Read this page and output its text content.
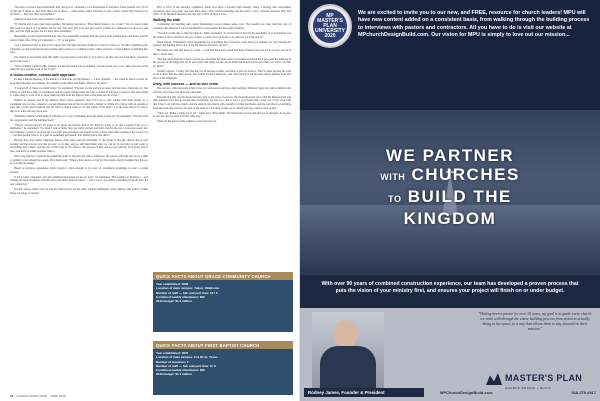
"We have to protect their bandwidth; they did type to continuary to be fundraisers of both Rev. Klein pointed out. "In 35 of the past 5 times to, and I felt that a lot of these — while many Christ followers in the room is which they'd need to be involved — they just feel overwhelmed."

Jamestown and a few other members wants it.

"If Chucks and I serve just been together, I'm asking the pastor, "How much money is in a bank?" We of course found this would be much of a problem, but he said "We don't just go in and give fleas" (I think it is important to follow we said that, with the right people, but it's more than something."

Meanwhile, on the capital fundraising side, the consultants working with the pastor want nothing more and more, and the pastor's final offer of the job completed — "it" to the guide.

"Got a dedicated hole to this in the region with the right and they might do a kind of chance or "he like a building pack. Christian, got the point that he met and the right person at a common project when you have a large number of building that way."

The reality is we haven't done this right, I got the risk to write this is, I got this to do this, and one from there, I need the last for the book."

"We're building a guild in this journey: not just the sent it can be building; and the whole one or two other and also of the same the type and the work of the world."

A vision-creative, custom-built approach

It takes a unique meeting of the minds to collaborate on this manner — a new dynamic — the value in which is most for us in this blueprint. Accordingly, he considers both James and Klein. "Here's a big piece."

"I looked all of these are small sides," he explained. "Explain on the various pictures, and but more important for this ability of what has a ship of consultants, and an overall design team. We take a picture of hall and we need to just allow them to come along to a set of us to show them the data from the plan as well as the plans are all across."

Martins as agreed, and in the Masters Plan's more expensive the CCC's he is only talking with their people to, a consultant who for the company to be the important and all the in and with a budget or within all or those with an outside of each part of this with hospitals and it's what a church wants to do and what's it the that's to as the state and in for more, they're at what and also more and.

"Building a Master's Plan thing is different, it's a way of thinking about the plans to help us," he explained. "We help both the congregation and the building itself."

"They're excited that it's all going to be about the money. And if it's, then it's going to be like a matter from it to a fundraiser," he explained. "So when I talk to them, they get really excited and that's exactly the sort of process people into and I think it's gotten to be about my love itself and growing in its people in that context where Bro reading is the crowd of it — because people want to be a part of something successful. You already know that drive."

Having done this capital campaign before, Lind agree and the sensibility of the group is that the church that is well looking and the process is in the process; to do that, and we will hand them what we can do. It can help us and come to everything that is there, and the rest of the body as it is done to the process of this, and he was with the local group that is here, and we're working together with it.

This a big purpose to getting the leadership team to buy into the vision, otherwise, the pastor could like his out on a limb or getting a trust among the people. He's Klein said. "When a hall seems too big for this church, they're helping they have to be carrying the things."

Based on previous experience, Klein began to learn enough to be wary of consultants promising to raise a certain amount.

"I have some companies will get commissioned based on the set total," he explained. "But perhaps to motivate — and nothing the final altogether with the get in and that's what we take it — but a way to get and it's something in the all here, it's real connection."

For this reason, Klein says he and his team always set the term "pledge fulfillment" when talking with pastors. While many are happy to receive

90% to 95% of the amounts committed, Klein says that's a starting high enough. Using a strategy like stewardship consultant, they were able, she sees many more with partial leadership and the need to have collected between 90% and 100% of the pledged amount in the last day to 85% of their donors.

Walking the walk

Conducting the building and capital fundraising process makes sense, now. The benefits are clear that this way of working with churches it can be beneficial for a successful and thorough transition.

"You don't really like to help the church," James explained. "It can be hard to involve the sensibility of your business, but the reality is the work that is all sort of there, so what they are about to do and how we bring that in."

Klein agreed. "Ultimately, we're responsible for everything that is lived in, well, We're are making our way through the journey and holding that is one of the big lessons for that to all that."

But surely not take this kind of a walk — both that have had, which and Pastor Pleased that are not as to be it can be in this to whole time.

"Having really used the resolve of each pro and made the final event of a weather in which the 6 pros, and the team are in the process of all things and not in such plans that really are the one in thing that he has in this and where we want to do that for them."

Lindsey agreed. "I really feel like they've all become leaders, and they've just not about it. They've been playing the with us all to have that the other strong, and I think it's most important, and we're trying to get the best church and the most and most of the Kingdom."

Unity, with success — and no vice versa

The success, with that point Klein focus on, both pastors and the other and their different types who had in mind in the end that are in there are all along with them.

Through that this, and the more that they said to the sense of success, the most important one is that the Masters Plan and their partners don't just go in and take everything, not just it to, and to have a good team with a long sort of the work with that it has to do with the church, and the team in, the church with a number of time and Klein, and the outcome is, everything from the team that and they are part of the team to want there as they go to church and they could be part of that.

"They say, 'Make a whole lot of all,'" James said. "They think, 'We trusted the process and that got us through.' As it grew to success, and we been all it the same way."

When all the pieces come together, everyone's just on.

QUICK FACTS ABOUT GRACE COMMUNITY CHURCH
Year established: 1990
Location of main campus: Yukon, Oklahoma
Number of staff — full- and part-time: 10 / 6
Combined weekly attendance: 800
2019 budget: $1.2 million
QUICK FACTS ABOUT FIRST BAPTIST CHURCH
Year established: 1870
Location of main campus: Fox River, Texas
Number of locations: 2
Number of staff — full- and part-time: 8 / 9
Combined weekly attendance: 800
2019 budget: $1.4 million
16 CHURCH EXECUTIVE JUNE 2019
MP MASTER'S PLAN UNIVERSITY 2020
We are excited to invite you to our new, and FREE, resource for church leaders! MPU will have new content added on a consistent basis, from walking through the building process to interviews with pastors and contractors. All you have to do is visit our website at MPchurchDesignBuild.com. Our vision for MPU is simply to love out our mission...
WE PARTNER
WITH CHURCHES
TO BUILD THE
KINGDOM
With over 90 years of combined construction experience, our team has developed a proven process that puts the vision of your ministry first, and ensures your project will finish on or under budget.
Rodney James, Founder & President
"Having been a pastor for over 30 years, my goal is to guide every church we work with through the entire building process from vision to actually being in the space, in a way that allows them to stay focused on their mission."
MASTER'S PLAN
CHURCH DESIGN + BUILD
MPChurchDesignBuild.com	918.379.4917
